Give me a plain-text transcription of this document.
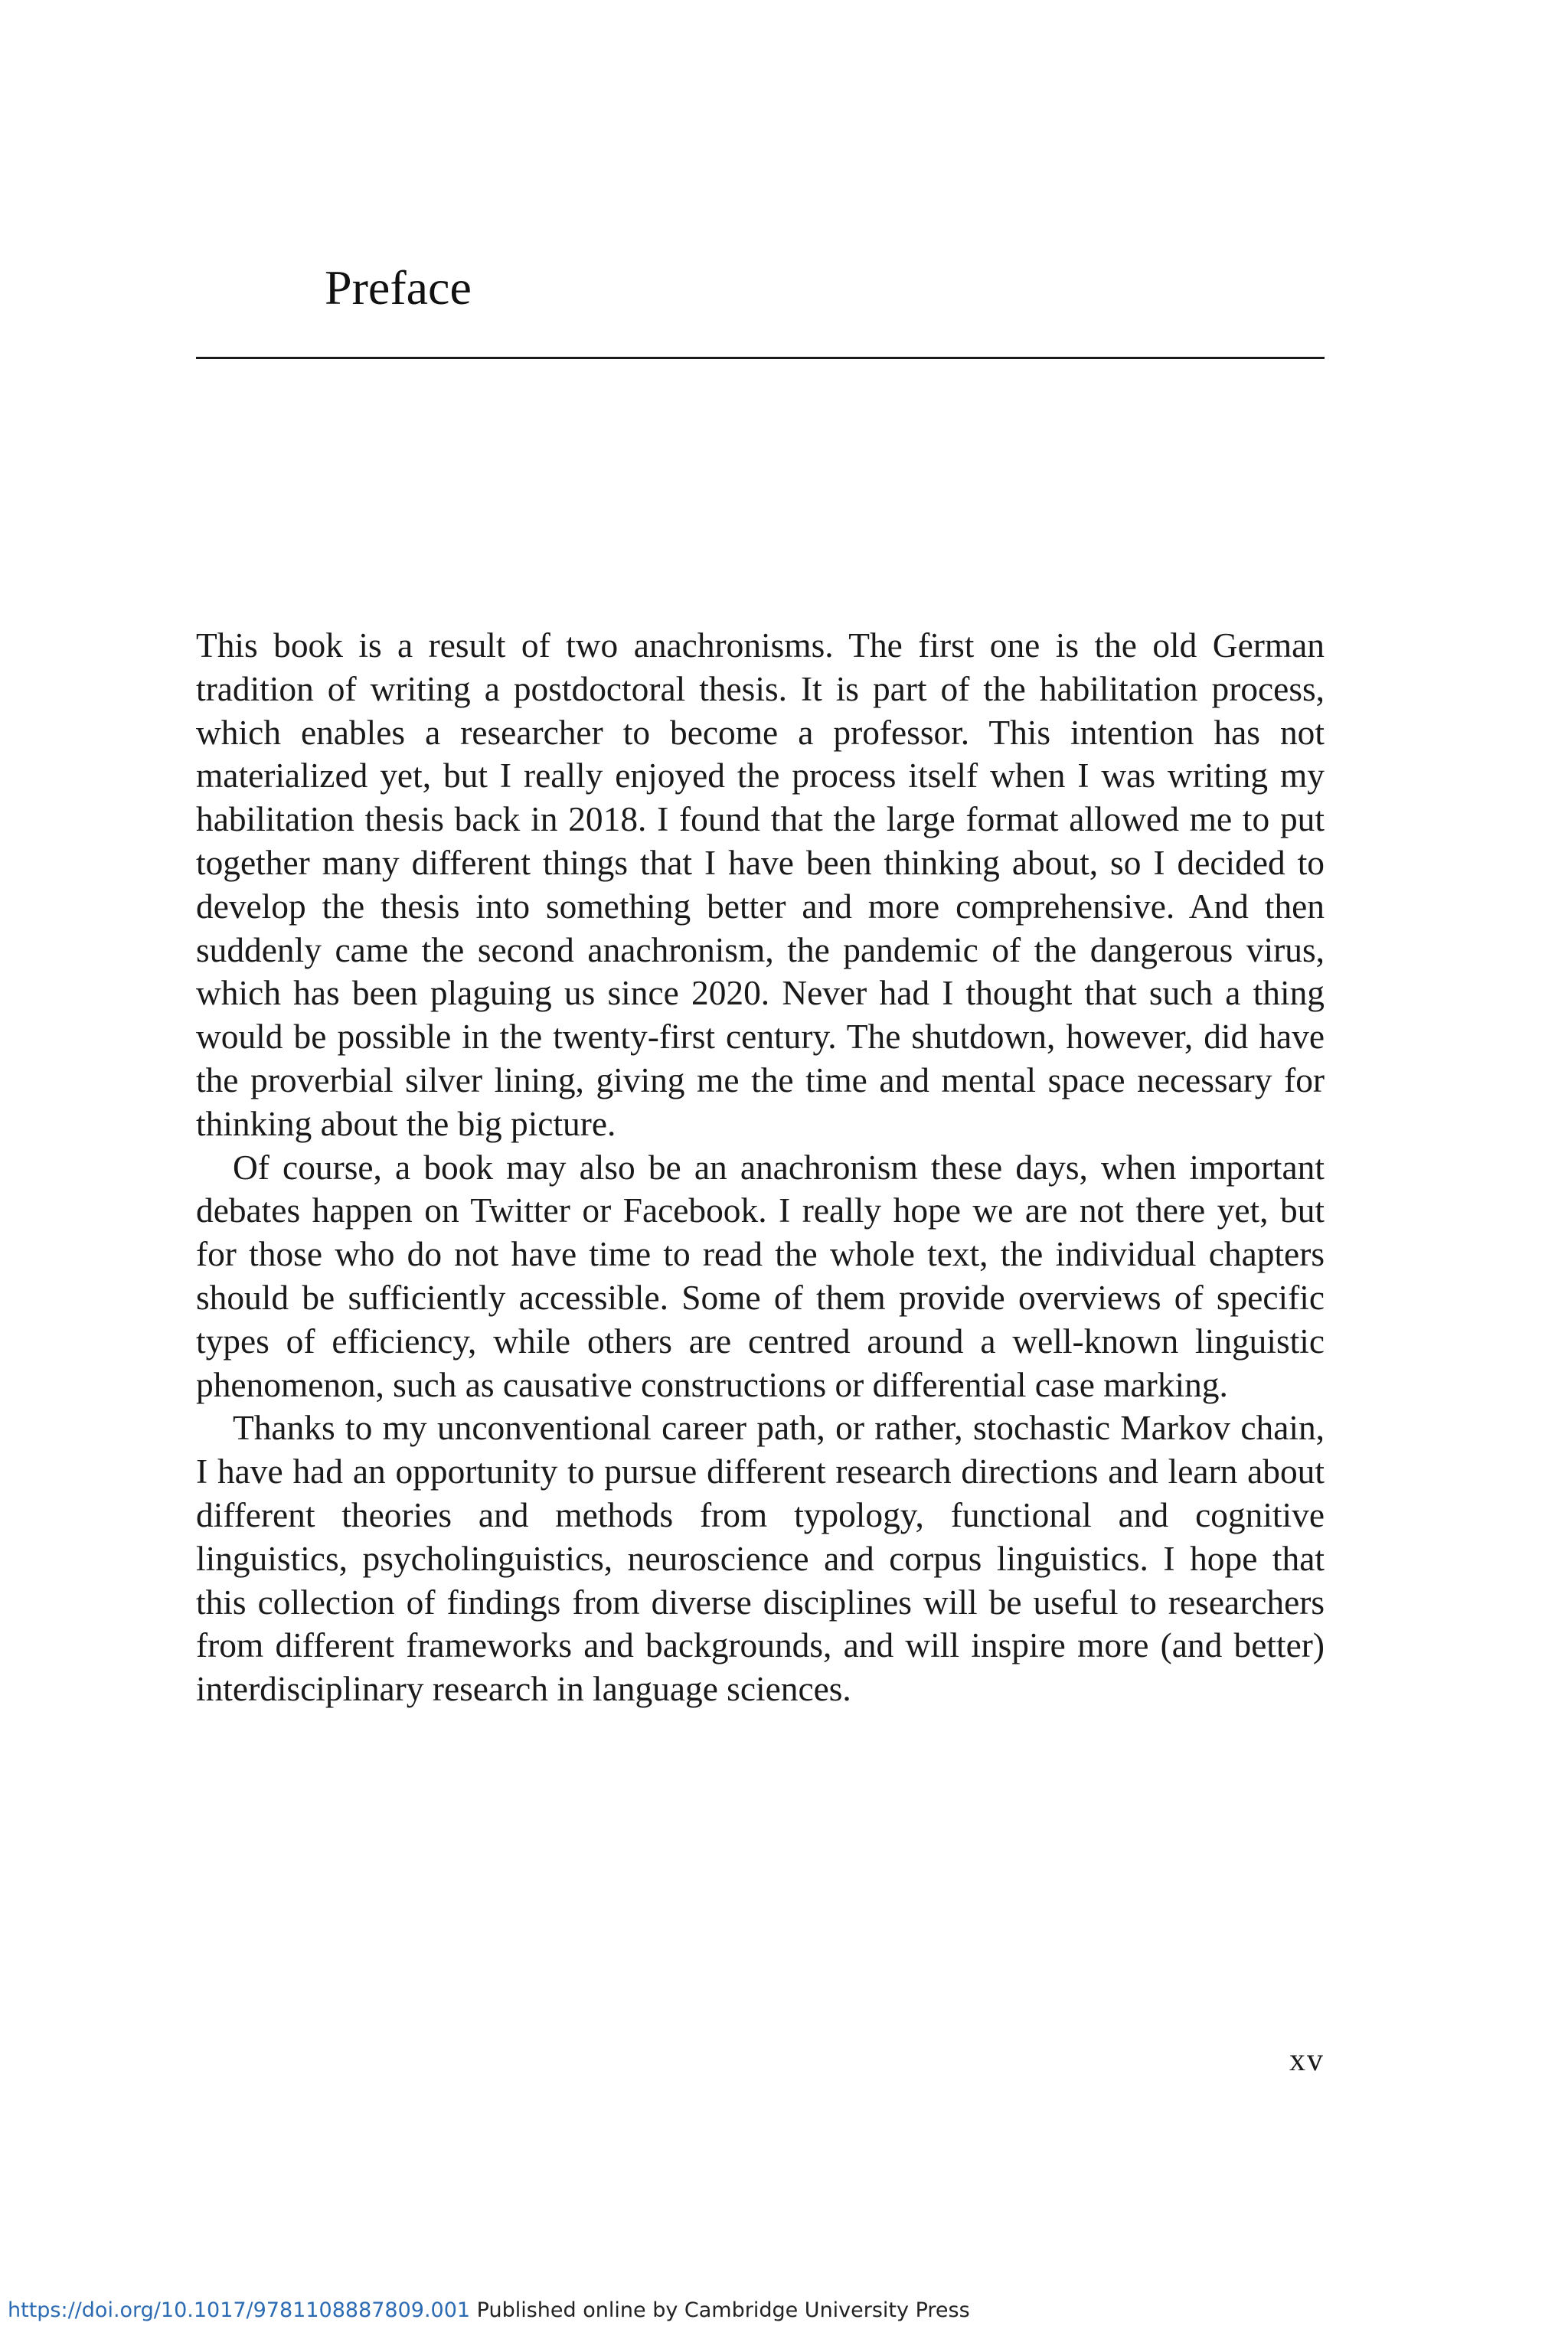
Preface

This book is a result of two anachronisms. The first one is the old German tradition of writing a postdoctoral thesis. It is part of the habilitation process, which enables a researcher to become a professor. This intention has not materialized yet, but I really enjoyed the process itself when I was writing my habilitation thesis back in 2018. I found that the large format allowed me to put together many different things that I have been thinking about, so I decided to develop the thesis into something better and more comprehensive. And then suddenly came the second anachronism, the pandemic of the dangerous virus, which has been plaguing us since 2020. Never had I thought that such a thing would be possible in the twenty-first century. The shutdown, however, did have the proverbial silver lining, giving me the time and mental space necessary for thinking about the big picture.

Of course, a book may also be an anachronism these days, when important debates happen on Twitter or Facebook. I really hope we are not there yet, but for those who do not have time to read the whole text, the individual chapters should be sufficiently accessible. Some of them provide overviews of specific types of efficiency, while others are centred around a well-known linguistic phenomenon, such as causative constructions or differential case marking.

Thanks to my unconventional career path, or rather, stochastic Markov chain, I have had an opportunity to pursue different research directions and learn about different theories and methods from typology, functional and cognitive linguistics, psycholinguistics, neuroscience and corpus linguistics. I hope that this collection of findings from diverse disciplines will be useful to researchers from different frameworks and backgrounds, and will inspire more (and better) interdisciplinary research in language sciences.

xv
https://doi.org/10.1017/9781108887809.001 Published online by Cambridge University Press
